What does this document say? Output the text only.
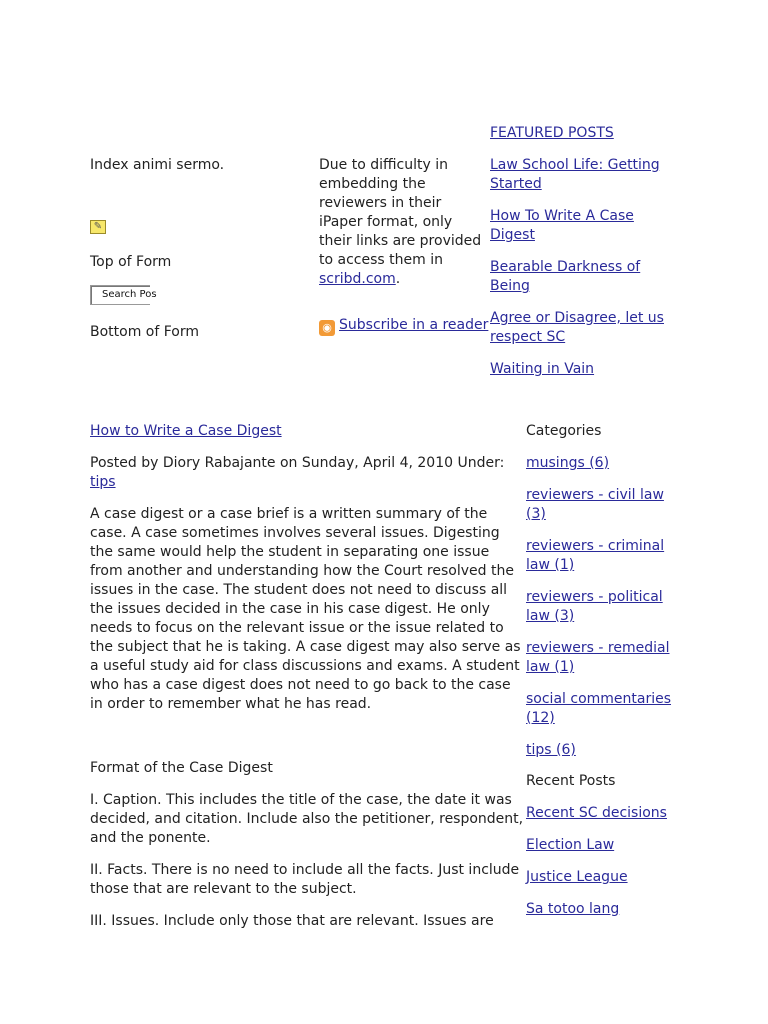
Index animi sermo.
✎
Top of Form
Search Pos
Bottom of Form
Due to difficulty in embedding the reviewers in their iPaper format, only their links are provided to access them in scribd.com.
◉ Subscribe in a reader
FEATURED POSTS
Law School Life: Getting Started
How To Write A Case Digest
Bearable Darkness of Being
Agree or Disagree, let us respect SC
Waiting in Vain
How to Write a Case Digest
Posted by Diory Rabajante on Sunday, April 4, 2010 Under: tips
A case digest or a case brief is a written summary of the case. A case sometimes involves several issues. Digesting the same would help the student in separating one issue from another and understanding how the Court resolved the issues in the case. The student does not need to discuss all the issues decided in the case in his case digest. He only needs to focus on the relevant issue or the issue related to the subject that he is taking. A case digest may also serve as a useful study aid for class discussions and exams. A student who has a case digest does not need to go back to the case in order to remember what he has read.
Format of the Case Digest
I. Caption. This includes the title of the case, the date it was decided, and citation. Include also the petitioner, respondent, and the ponente.
II. Facts. There is no need to include all the facts. Just include those that are relevant to the subject.
III. Issues. Include only those that are relevant. Issues are
Categories
musings (6)
reviewers - civil law (3)
reviewers - criminal law (1)
reviewers - political law (3)
reviewers - remedial law (1)
social commentaries (12)
tips (6)
Recent Posts
Recent SC decisions
Election Law
Justice League
Sa totoo lang
